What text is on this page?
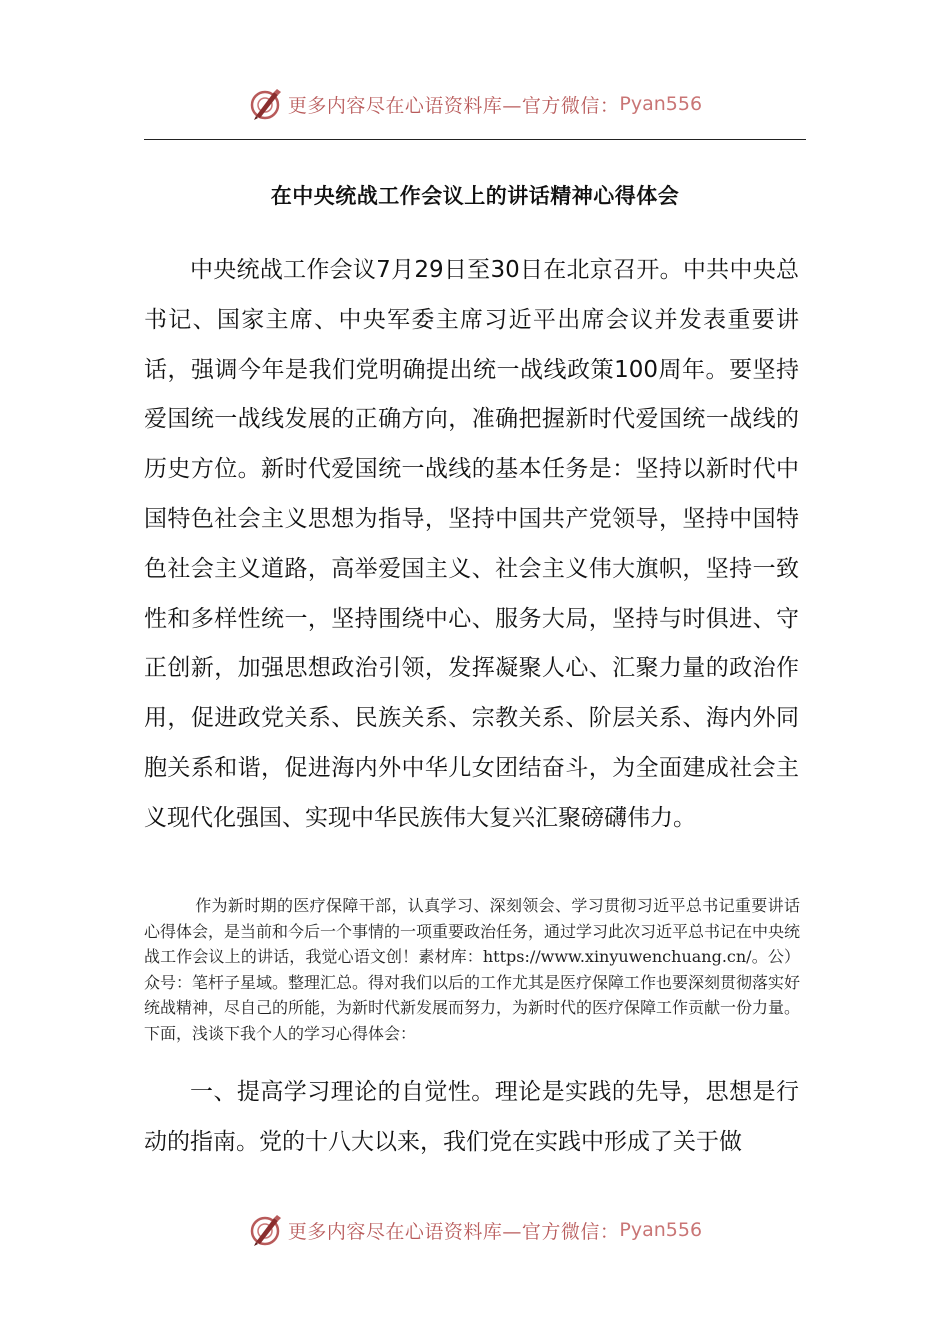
更多内容尽在心语资料库—官方微信： Pyan556
在中央统战工作会议上的讲话精神心得体会

中央统战工作会议7月29日至30日在北京召开。中共中央总书记、国家主席、中央军委主席习近平出席会议并发表重要讲话，强调今年是我们党明确提出统一战线政策100周年。要坚持爱国统一战线发展的正确方向，准确把握新时代爱国统一战线的历史方位。新时代爱国统一战线的基本任务是：坚持以新时代中国特色社会主义思想为指导，坚持中国共产党领导，坚持中国特色社会主义道路，高举爱国主义、社会主义伟大旗帜，坚持一致性和多样性统一，坚持围绕中心、服务大局，坚持与时俱进、守正创新，加强思想政治引领，发挥凝聚人心、汇聚力量的政治作用，促进政党关系、民族关系、宗教关系、阶层关系、海内外同胞关系和谐，促进海内外中华儿女团结奋斗，为全面建成社会主义现代化强国、实现中华民族伟大复兴汇聚磅礴伟力。

作为新时期的医疗保障干部，认真学习、深刻领会、学习贯彻习近平总书记重要讲话心得体会，是当前和今后一个事情的一项重要政治任务，通过学习此次习近平总书记在中央统战工作会议上的讲话，我觉心语文创！素材库：https://www.xinyuwenchuang.cn/。公）众号：笔杆子星域。整理汇总。得对我们以后的工作尤其是医疗保障工作也要深刻贯彻落实好统战精神，尽自己的所能，为新时代新发展而努力，为新时代的医疗保障工作贡献一份力量。下面，浅谈下我个人的学习心得体会：

一、提高学习理论的自觉性。理论是实践的先导，思想是行动的指南。党的十八大以来，我们党在实践中形成了关于做

更多内容尽在心语资料库—官方微信： Pyan556
